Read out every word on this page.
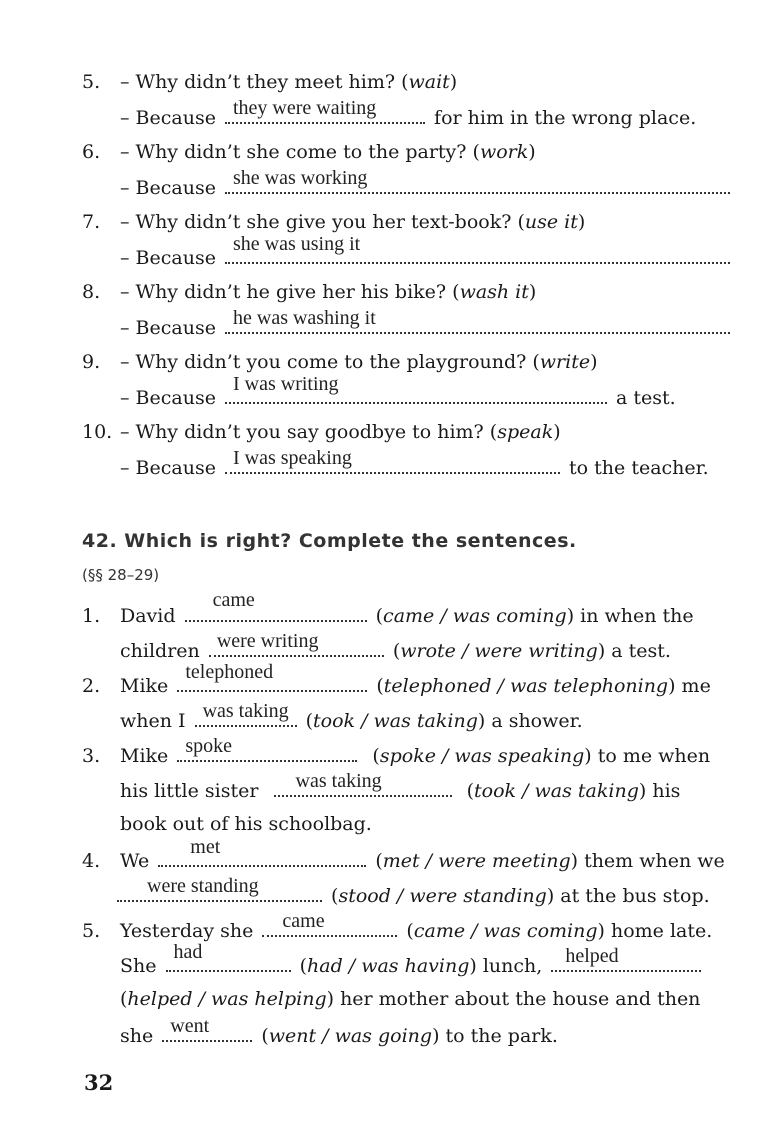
5. – Why didn’t they meet him? (wait)
– Because they were waiting	for him in the wrong place.
6. – Why didn’t she come to the party? (work)
– Because she was working
7. – Why didn’t she give you her text-book? (use it)
– Because
she was using it
8. – Why didn’t he give her his bike? (wash it)
– Because he was washing it
9. – Why didn’t you come to the playground? (write)
– Because
I was writing
a test.
10. – Why didn’t you say goodbye to him? (speak)
– Because I was speaking	to the teacher.
42. Which is right? Complete the sentences.
(§§ 28–29)
1. David
came
(came / was coming) in when the
children were writing	(wrote / were writing) a test.
2. Mike
telephoned
(telephoned / was telephoning) me
when I was taking (took / was taking) a shower.
3. Mike spoke	(spoke / was speaking) to me when
his little sister was taking	(took / was taking) his
book out of his schoolbag.
4. We
met
(met / were meeting) them when we
were standing	(stood / were standing) at the bus stop.
5. Yesterday she came	(came / was coming) home late.
She
had
(had / was having) lunch, helped
(helped / was helping) her mother about the house and then
she went (went / was going) to the park.
32
